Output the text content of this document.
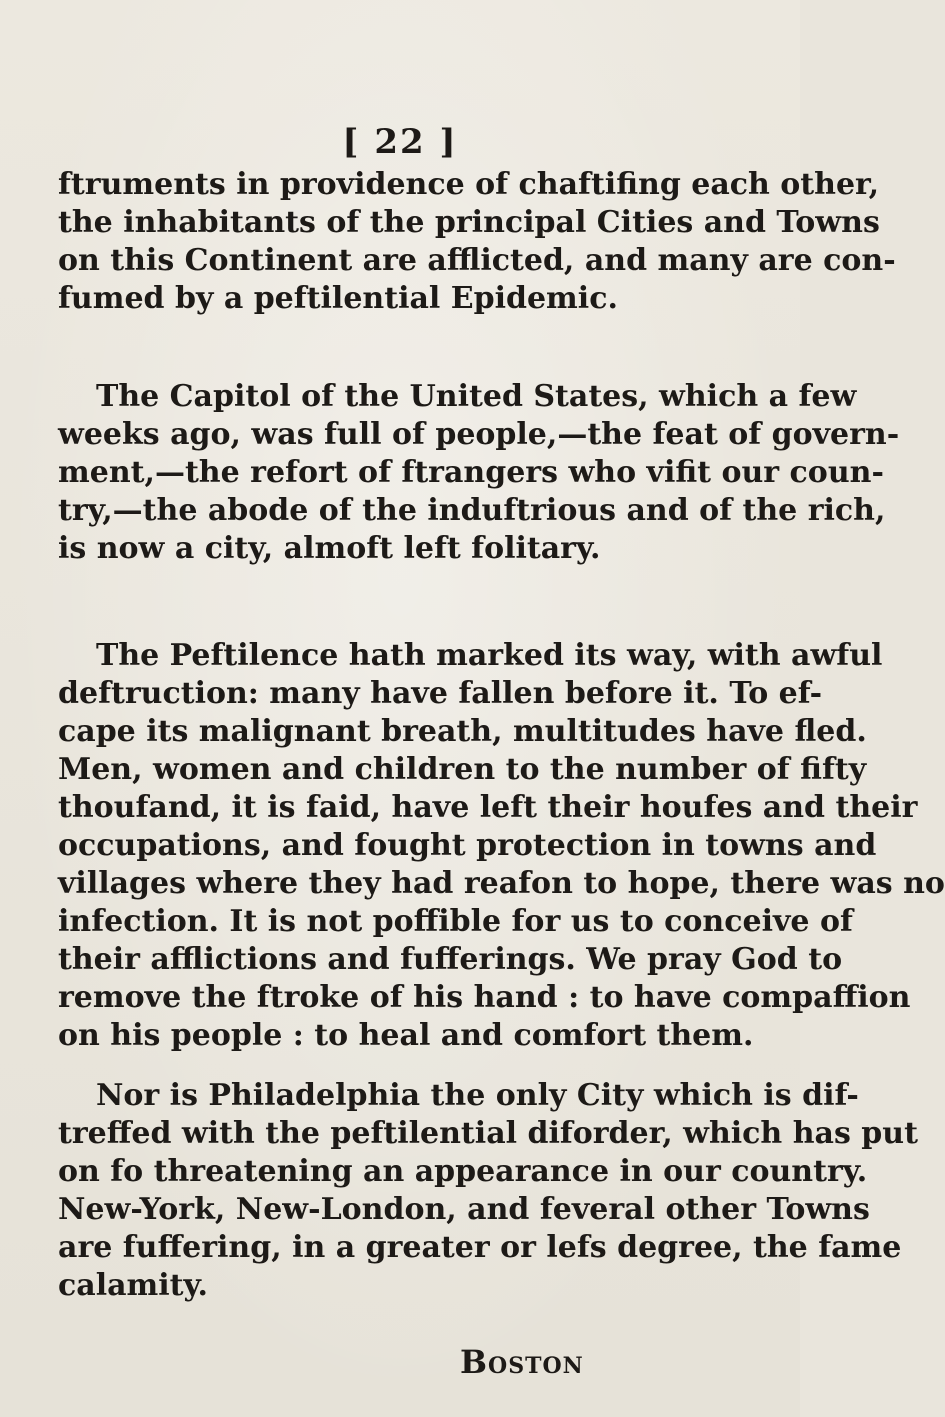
[ 22 ]
ftruments in providence of chaftifing each other,
the inhabitants of the principal Cities and Towns
on this Continent are afflicted, and many are con-
fumed by a peftilential Epidemic.
The Capitol of the United States, which a few
weeks ago, was full of people,—the feat of govern-
ment,—the refort of ftrangers who vifit our coun-
try,—the abode of the induftrious and of the rich,
is now a city, almoft left folitary.
The Peftilence hath marked its way, with awful
deftruction: many have fallen before it. To ef-
cape its malignant breath, multitudes have fled.
Men, women and children to the number of fifty
thoufand, it is faid, have left their houfes and their
occupations, and fought protection in towns and
villages where they had reafon to hope, there was no
infection. It is not poffible for us to conceive of
their afflictions and fufferings. We pray God to
remove the ftroke of his hand : to have compaffion
on his people : to heal and comfort them.
Nor is Philadelphia the only City which is dif-
treffed with the peftilential diforder, which has put
on fo threatening an appearance in our country.
New-York, New-London, and feveral other Towns
are fuffering, in a greater or lefs degree, the fame
calamity.
Boston
